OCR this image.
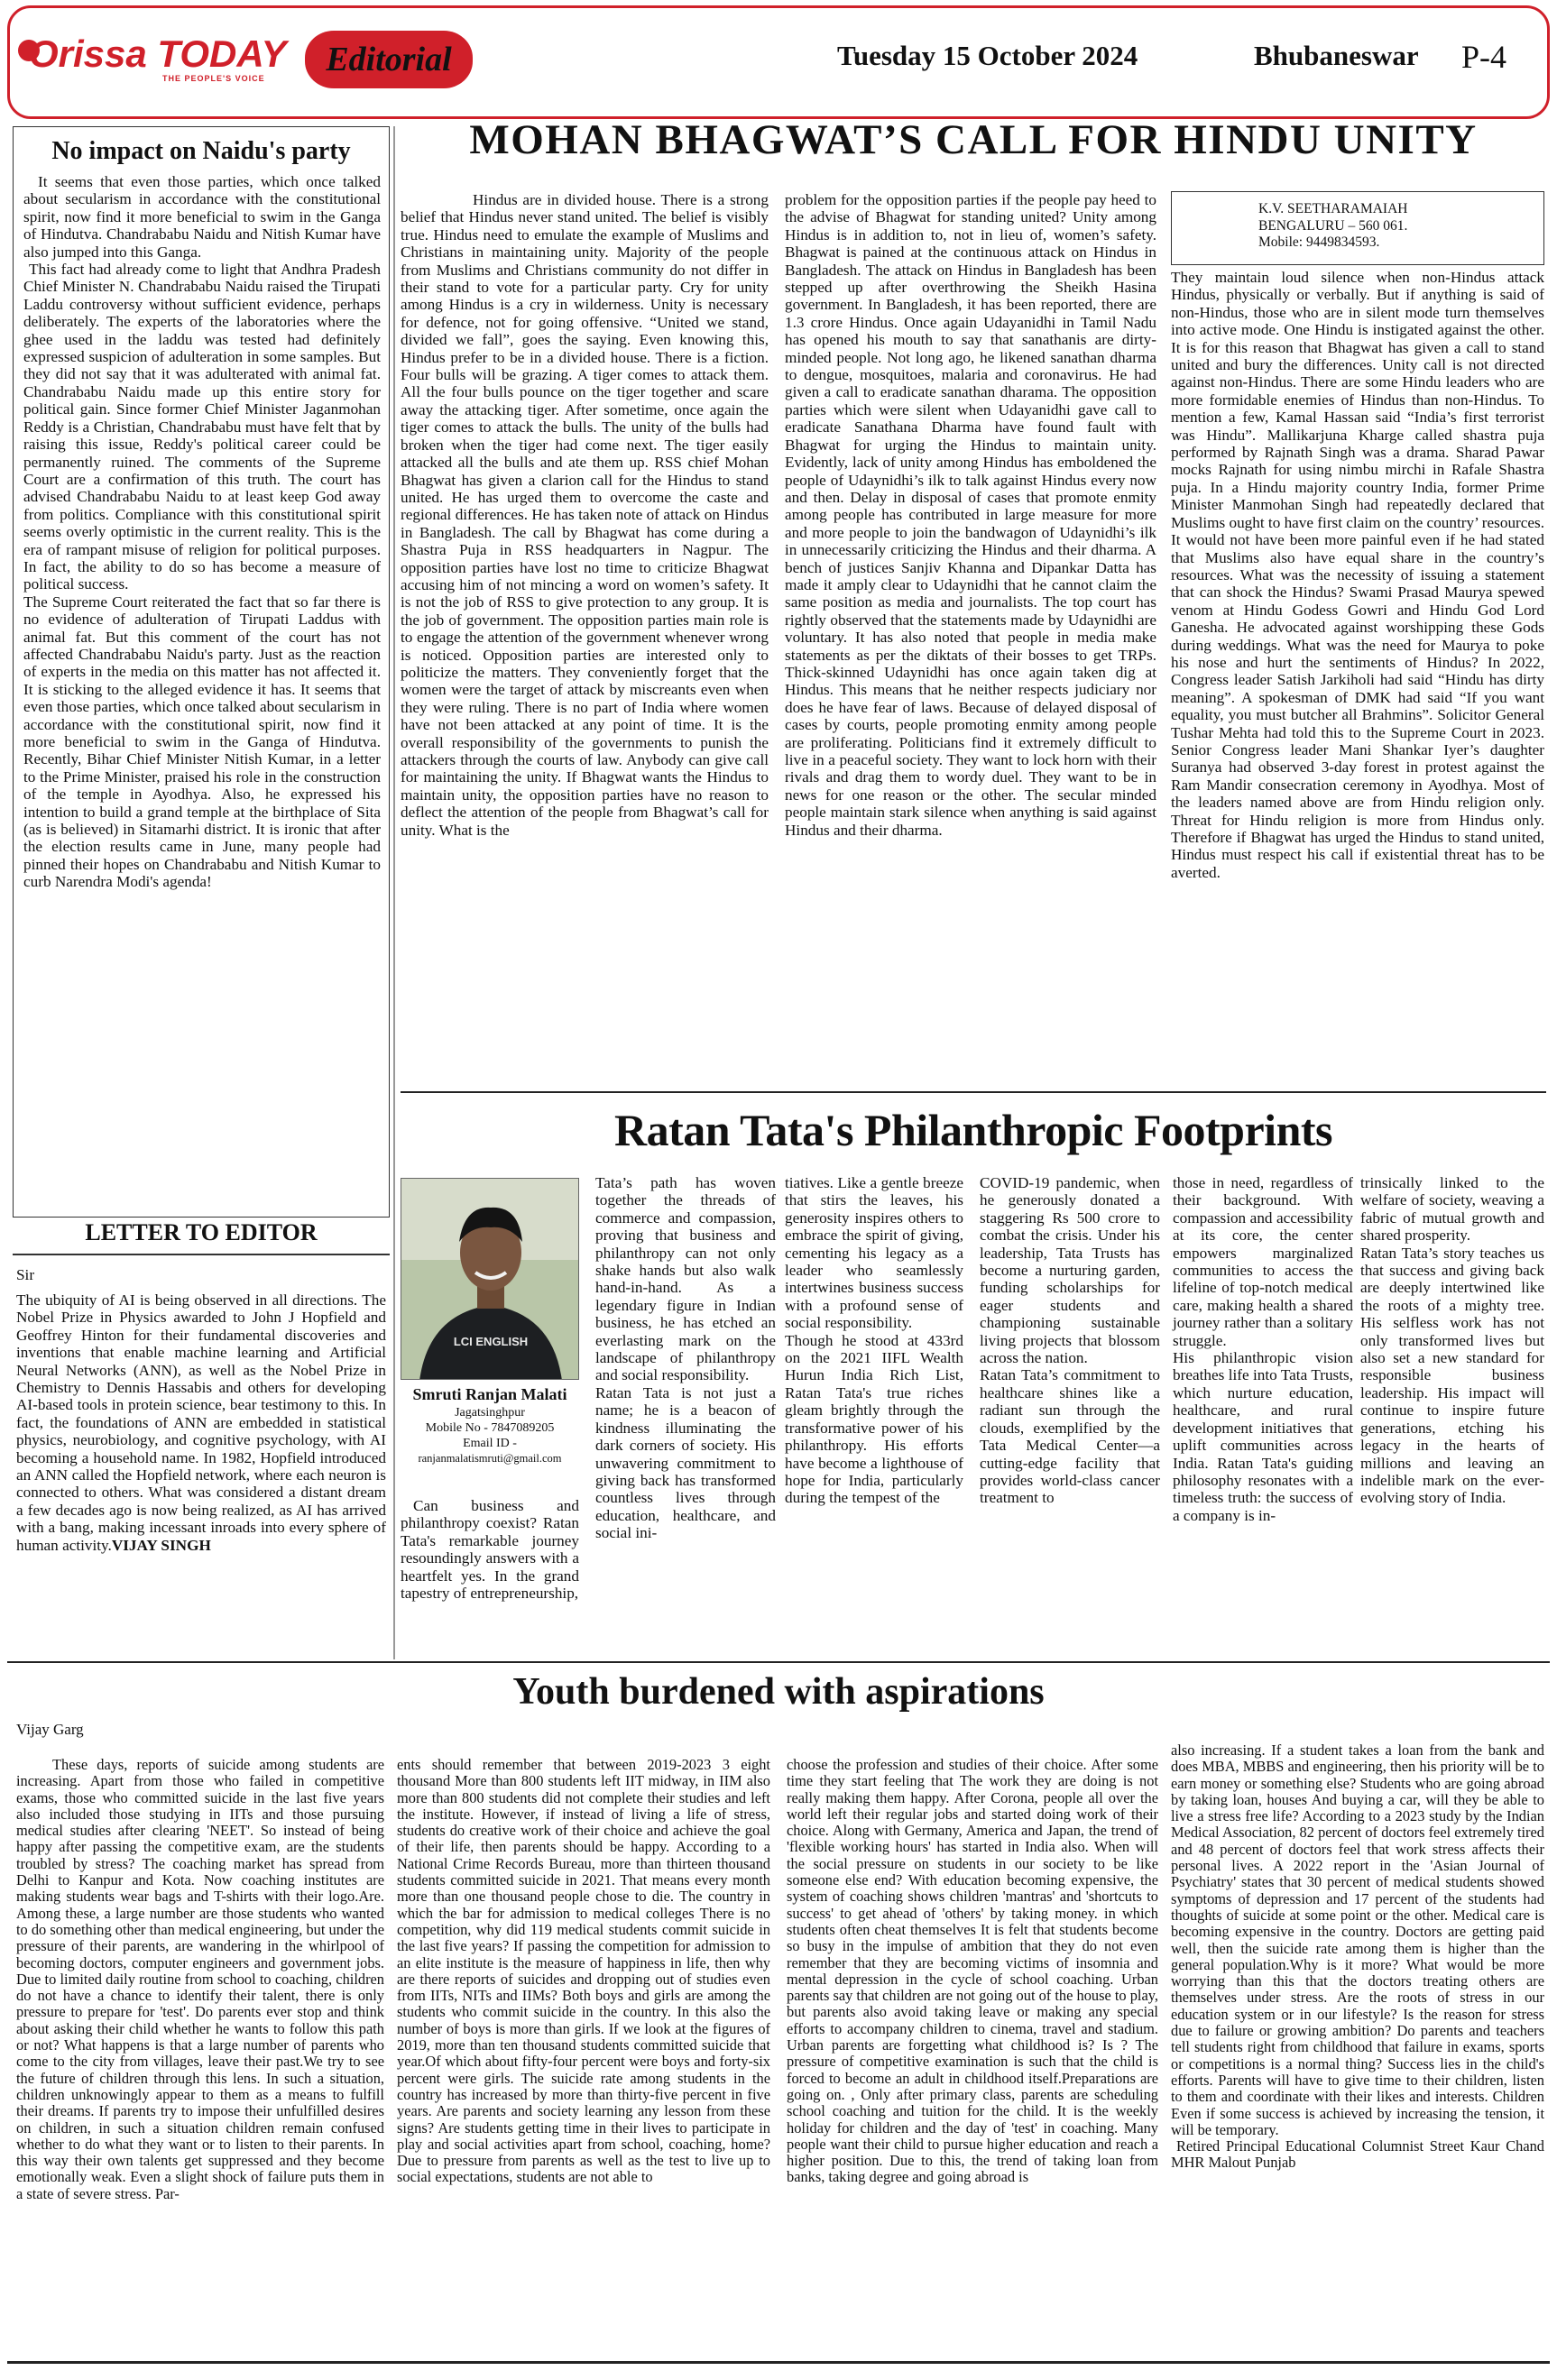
Orissa TODAY
THE PEOPLE'S VOICE	Editorial	Tuesday 15 October 2024	Bhubaneswar P-4
No impact on Naidu's party

It seems that even those parties, which once talked about secularism in accordance with the constitutional spirit, now find it more beneficial to swim in the Ganga of Hindutva. Chandrababu Naidu and Nitish Kumar have also jumped into this Ganga.

This fact had already come to light that Andhra Pradesh Chief Minister N. Chandrababu Naidu raised the Tirupati Laddu controversy without sufficient evidence, perhaps deliberately. The experts of the laboratories where the ghee used in the laddu was tested had definitely expressed suspicion of adulteration in some samples. But they did not say that it was adulterated with animal fat. Chandrababu Naidu made up this entire story for political gain. Since former Chief Minister Jaganmohan Reddy is a Christian, Chandrababu must have felt that by raising this issue, Reddy's political career could be permanently ruined. The comments of the Supreme Court are a confirmation of this truth. The court has advised Chandrababu Naidu to at least keep God away from politics. Compliance with this constitutional spirit seems overly optimistic in the current reality. This is the era of rampant misuse of religion for political purposes. In fact, the ability to do so has become a measure of political success.

The Supreme Court reiterated the fact that so far there is no evidence of adulteration of Tirupati Laddus with animal fat. But this comment of the court has not affected Chandrababu Naidu's party. Just as the reaction of experts in the media on this matter has not affected it. It is sticking to the alleged evidence it has. It seems that even those parties, which once talked about secularism in accordance with the constitutional spirit, now find it more beneficial to swim in the Ganga of Hindutva. Recently, Bihar Chief Minister Nitish Kumar, in a letter to the Prime Minister, praised his role in the construction of the temple in Ayodhya. Also, he expressed his intention to build a grand temple at the birthplace of Sita (as is believed) in Sitamarhi district. It is ironic that after the election results came in June, many people had pinned their hopes on Chandrababu and Nitish Kumar to curb Narendra Modi's agenda!

LETTER TO EDITOR
Sir
The ubiquity of AI is being observed in all directions. The Nobel Prize in Physics awarded to John J Hopfield and Geoffrey Hinton for their fundamental discoveries and inventions that enable machine learning and Artificial Neural Networks (ANN), as well as the Nobel Prize in Chemistry to Dennis Hassabis and others for developing AI-based tools in protein science, bear testimony to this. In fact, the foundations of ANN are embedded in statistical physics, neurobiology, and cognitive psychology, with AI becoming a household name. In 1982, Hopfield introduced an ANN called the Hopfield network, where each neuron is connected to others. What was considered a distant dream a few decades ago is now being realized, as AI has arrived with a bang, making incessant inroads into every sphere of human activity.VIJAY SINGH
MOHAN BHAGWAT’S CALL FOR HINDU UNITY
Hindus are in divided house. There is a strong belief that Hindus never stand united. The belief is visibly true. Hindus need to emulate the example of Muslims and Christians in maintaining unity. Majority of the people from Muslims and Christians community do not differ in their stand to vote for a particular party. Cry for unity among Hindus is a cry in wilderness. Unity is necessary for defence, not for going offensive. “United we stand, divided we fall”, goes the saying. Even knowing this, Hindus prefer to be in a divided house. There is a fiction. Four bulls will be grazing. A tiger comes to attack them. All the four bulls pounce on the tiger together and scare away the attacking tiger. After sometime, once again the tiger comes to attack the bulls. The unity of the bulls had broken when the tiger had come next. The tiger easily attacked all the bulls and ate them up. RSS chief Mohan Bhagwat has given a clarion call for the Hindus to stand united. He has urged them to overcome the caste and regional differences. He has taken note of attack on Hindus in Bangladesh. The call by Bhagwat has come during a Shastra Puja in RSS headquarters in Nagpur. The opposition parties have lost no time to criticize Bhagwat accusing him of not mincing a word on women’s safety. It is not the job of RSS to give protection to any group. It is the job of government. The opposition parties main role is to engage the attention of the government whenever wrong is noticed. Opposition parties are interested only to politicize the matters. They conveniently forget that the women were the target of attack by miscreants even when they were ruling. There is no part of India where women have not been attacked at any point of time. It is the overall responsibility of the governments to punish the attackers through the courts of law. Anybody can give call for maintaining the unity. If Bhagwat wants the Hindus to maintain unity, the opposition parties have no reason to deflect the attention of the people from Bhagwat’s call for unity. What is the
problem for the opposition parties if the people pay heed to the advise of Bhagwat for standing united? Unity among Hindus is in addition to, not in lieu of, women’s safety. Bhagwat is pained at the continuous attack on Hindus in Bangladesh. The attack on Hindus in Bangladesh has been stepped up after overthrowing the Sheikh Hasina government. In Bangladesh, it has been reported, there are 1.3 crore Hindus. Once again Udayanidhi in Tamil Nadu has opened his mouth to say that sanathanis are dirty-minded people. Not long ago, he likened sanathan dharma to dengue, mosquitoes, malaria and coronavirus. He had given a call to eradicate sanathan dharama. The opposition parties which were silent when Udayanidhi gave call to eradicate Sanathana Dharma have found fault with Bhagwat for urging the Hindus to maintain unity. Evidently, lack of unity among Hindus has emboldened the people of Udaynidhi’s ilk to talk against Hindus every now and then. Delay in disposal of cases that promote enmity among people has contributed in large measure for more and more people to join the bandwagon of Udaynidhi’s ilk in unnecessarily criticizing the Hindus and their dharma. A bench of justices Sanjiv Khanna and Dipankar Datta has made it amply clear to Udaynidhi that he cannot claim the same position as media and journalists. The top court has rightly observed that the statements made by Udaynidhi are voluntary. It has also noted that people in media make statements as per the diktats of their bosses to get TRPs. Thick-skinned Udaynidhi has once again taken dig at Hindus. This means that he neither respects judiciary nor does he have fear of laws. Because of delayed disposal of cases by courts, people promoting enmity among people are proliferating. Politicians find it extremely difficult to live in a peaceful society. They want to lock horn with their rivals and drag them to wordy duel. They want to be in news for one reason or the other. The secular minded people maintain stark silence when anything is said against Hindus and their dharma.
K.V. SEETHARAMAIAH
BENGALURU – 560 061.
Mobile: 9449834593.
They maintain loud silence when non-Hindus attack Hindus, physically or verbally. But if anything is said of non-Hindus, those who are in silent mode turn themselves into active mode. One Hindu is instigated against the other. It is for this reason that Bhagwat has given a call to stand united and bury the differences. Unity call is not directed against non-Hindus. There are some Hindu leaders who are more formidable enemies of Hindus than non-Hindus. To mention a few, Kamal Hassan said “India’s first terrorist was Hindu”. Mallikarjuna Kharge called shastra puja performed by Rajnath Singh was a drama. Sharad Pawar mocks Rajnath for using nimbu mirchi in Rafale Shastra puja. In a Hindu majority country India, former Prime Minister Manmohan Singh had repeatedly declared that Muslims ought to have first claim on the country’ resources. It would not have been more painful even if he had stated that Muslims also have equal share in the country’s resources. What was the necessity of issuing a statement that can shock the Hindus? Swami Prasad Maurya spewed venom at Hindu Godess Gowri and Hindu God Lord Ganesha. He advocated against worshipping these Gods during weddings. What was the need for Maurya to poke his nose and hurt the sentiments of Hindus? In 2022, Congress leader Satish Jarkiholi had said “Hindu has dirty meaning”. A spokesman of DMK had said “If you want equality, you must butcher all Brahmins”. Solicitor General Tushar Mehta had told this to the Supreme Court in 2023. Senior Congress leader Mani Shankar Iyer’s daughter Suranya had observed 3-day forest in protest against the Ram Mandir consecration ceremony in Ayodhya. Most of the leaders named above are from Hindu religion only. Threat for Hindu religion is more from Hindus only. Therefore if Bhagwat has urged the Hindus to stand united, Hindus must respect his call if existential threat has to be averted.
Ratan Tata's Philanthropic Footprints
LCI ENGLISH
Smruti Ranjan Malati
Jagatsinghpur
Mobile No - 7847089205
Email ID -
ranjanmalatismruti@gmail.com
Can business and philanthropy coexist? Ratan Tata's remarkable journey resoundingly answers with a heartfelt yes. In the grand tapestry of entrepreneurship,
Tata’s path has woven together the threads of commerce and compassion, proving that business and philanthropy can not only shake hands but also walk hand-in-hand. As a legendary figure in Indian business, he has etched an everlasting mark on the landscape of philanthropy and social responsibility.
Ratan Tata is not just a name; he is a beacon of kindness illuminating the dark corners of society. His unwavering commitment to giving back has transformed countless lives through education, healthcare, and social ini-
tiatives. Like a gentle breeze that stirs the leaves, his generosity inspires others to embrace the spirit of giving, cementing his legacy as a leader who seamlessly intertwines business success with a profound sense of social responsibility.
Though he stood at 433rd on the 2021 IIFL Wealth Hurun India Rich List, Ratan Tata's true riches gleam brightly through the transformative power of his philanthropy. His efforts have become a lighthouse of hope for India, particularly during the tempest of the
COVID-19 pandemic, when he generously donated a staggering Rs 500 crore to combat the crisis. Under his leadership, Tata Trusts has become a nurturing garden, funding scholarships for eager students and championing sustainable living projects that blossom across the nation.
Ratan Tata’s commitment to healthcare shines like a radiant sun through the clouds, exemplified by the Tata Medical Center—a cutting-edge facility that provides world-class cancer treatment to
those in need, regardless of their background. With compassion and accessibility at its core, the center empowers marginalized communities to access the lifeline of top-notch medical care, making health a shared journey rather than a solitary struggle.
His philanthropic vision breathes life into Tata Trusts, which nurture education, healthcare, and rural development initiatives that uplift communities across India. Ratan Tata's guiding philosophy resonates with a timeless truth: the success of a company is in-
trinsically linked to the welfare of society, weaving a fabric of mutual growth and shared prosperity.
Ratan Tata’s story teaches us that success and giving back are deeply intertwined like the roots of a mighty tree. His selfless work has not only transformed lives but also set a new standard for responsible business leadership. His impact will continue to inspire future generations, etching his legacy in the hearts of millions and leaving an indelible mark on the ever-evolving story of India.
Youth burdened with aspirations
Vijay Garg
These days, reports of suicide among students are increasing. Apart from those who failed in competitive exams, those who committed suicide in the last five years also included those studying in IITs and those pursuing medical studies after clearing 'NEET'. So instead of being happy after passing the competitive exam, are the students troubled by stress? The coaching market has spread from Delhi to Kanpur and Kota. Now coaching institutes are making students wear bags and T-shirts with their logo.Are. Among these, a large number are those students who wanted to do something other than medical engineering, but under the pressure of their parents, are wandering in the whirlpool of becoming doctors, computer engineers and government jobs. Due to limited daily routine from school to coaching, children do not have a chance to identify their talent, there is only pressure to prepare for 'test'. Do parents ever stop and think about asking their child whether he wants to follow this path or not? What happens is that a large number of parents who come to the city from villages, leave their past.We try to see the future of children through this lens. In such a situation, children unknowingly appear to them as a means to fulfill their dreams. If parents try to impose their unfulfilled desires on children, in such a situation children remain confused whether to do what they want or to listen to their parents. In this way their own talents get suppressed and they become emotionally weak. Even a slight shock of failure puts them in a state of severe stress. Par-
ents should remember that between 2019-2023 3 eight thousand More than 800 students left IIT midway, in IIM also more than 800 students did not complete their studies and left the institute. However, if instead of living a life of stress, students do creative work of their choice and achieve the goal of their life, then parents should be happy. According to a National Crime Records Bureau, more than thirteen thousand students committed suicide in 2021. That means every month more than one thousand people chose to die. The country in which the bar for admission to medical colleges There is no competition, why did 119 medical students commit suicide in the last five years? If passing the competition for admission to an elite institute is the measure of happiness in life, then why are there reports of suicides and dropping out of studies even from IITs, NITs and IIMs? Both boys and girls are among the students who commit suicide in the country. In this also the number of boys is more than girls. If we look at the figures of 2019, more than ten thousand students committed suicide that year.Of which about fifty-four percent were boys and forty-six percent were girls. The suicide rate among students in the country has increased by more than thirty-five percent in five years. Are parents and society learning any lesson from these signs? Are students getting time in their lives to participate in play and social activities apart from school, coaching, home? Due to pressure from parents as well as the test to live up to social expectations, students are not able to
choose the profession and studies of their choice. After some time they start feeling that The work they are doing is not really making them happy. After Corona, people all over the world left their regular jobs and started doing work of their choice. Along with Germany, America and Japan, the trend of 'flexible working hours' has started in India also. When will the social pressure on students in our society to be like someone else end? With education becoming expensive, the system of coaching shows children 'mantras' and 'shortcuts to success' to get ahead of 'others' by taking money. in which students often cheat themselves It is felt that students become so busy in the impulse of ambition that they do not even remember that they are becoming victims of insomnia and mental depression in the cycle of school coaching. Urban parents say that children are not going out of the house to play, but parents also avoid taking leave or making any special efforts to accompany children to cinema, travel and stadium. Urban parents are forgetting what childhood is? Is ? The pressure of competitive examination is such that the child is forced to become an adult in childhood itself.Preparations are going on. , Only after primary class, parents are scheduling school coaching and tuition for the child. It is the weekly holiday for children and the day of 'test' in coaching. Many people want their child to pursue higher education and reach a higher position. Due to this, the trend of taking loan from banks, taking degree and going abroad is
also increasing. If a student takes a loan from the bank and does MBA, MBBS and engineering, then his priority will be to earn money or something else? Students who are going abroad by taking loan, houses And buying a car, will they be able to live a stress free life? According to a 2023 study by the Indian Medical Association, 82 percent of doctors feel extremely tired and 48 percent of doctors feel that work stress affects their personal lives. A 2022 report in the 'Asian Journal of Psychiatry' states that 30 percent of medical students showed symptoms of depression and 17 percent of the students had thoughts of suicide at some point or the other. Medical care is becoming expensive in the country. Doctors are getting paid well, then the suicide rate among them is higher than the general population.Why is it more? What would be more worrying than this that the doctors treating others are themselves under stress. Are the roots of stress in our education system or in our lifestyle? Is the reason for stress due to failure or growing ambition? Do parents and teachers tell students right from childhood that failure in exams, sports or competitions is a normal thing? Success lies in the child's efforts. Parents will have to give time to their children, listen to them and coordinate with their likes and interests. Children Even if some success is achieved by increasing the tension, it will be temporary.
Retired Principal Educational Columnist Street Kaur Chand MHR Malout Punjab
